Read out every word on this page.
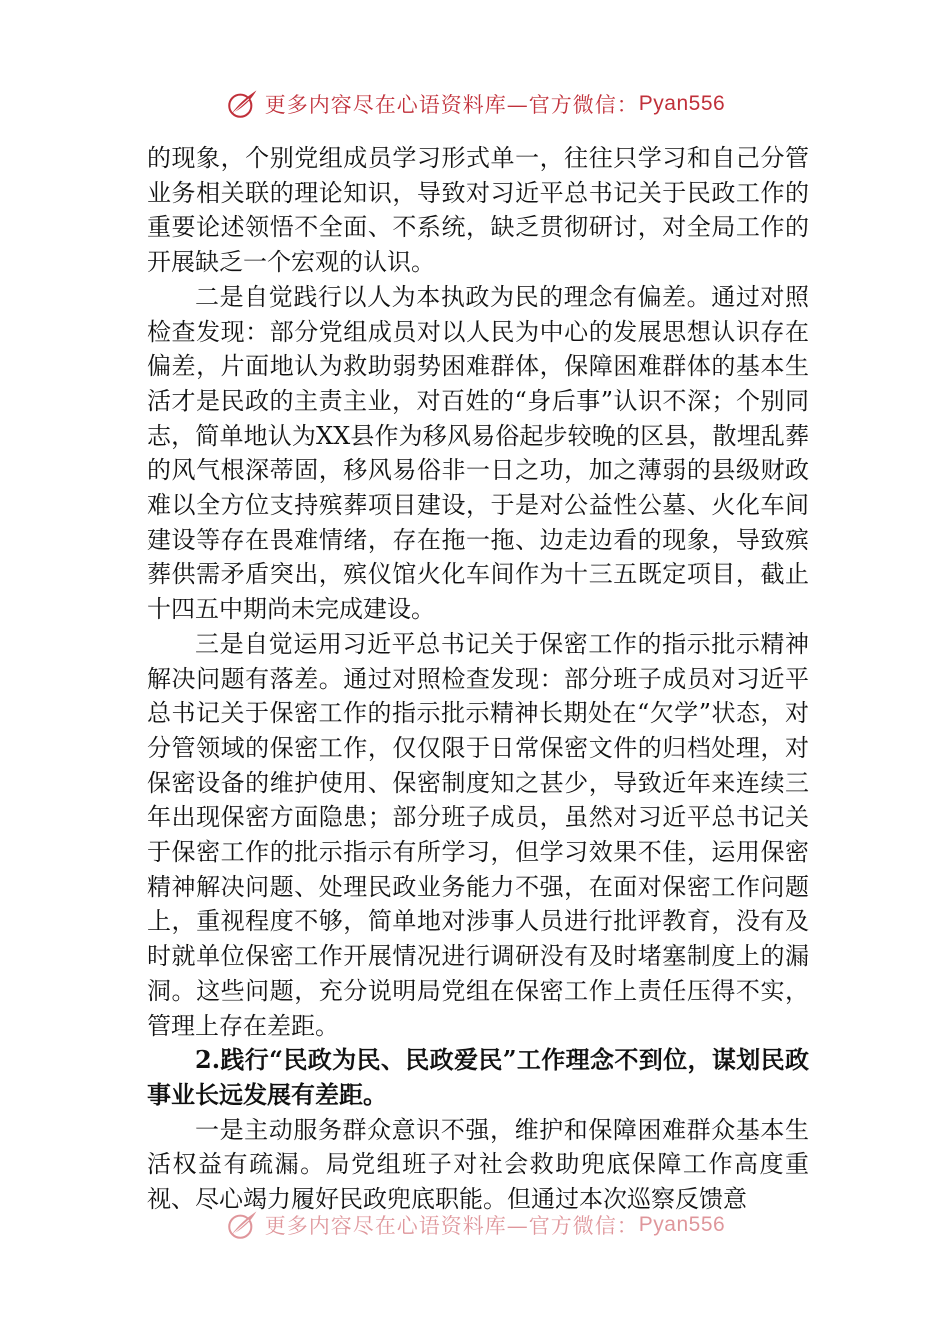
更多内容尽在心语资料库—官方微信： Pyan556

的现象，个别党组成员学习形式单一，往往只学习和自己分管业务相关联的理论知识，导致对习近平总书记关于民政工作的重要论述领悟不全面、不系统，缺乏贯彻研讨，对全局工作的开展缺乏一个宏观的认识。

二是自觉践行以人为本执政为民的理念有偏差。通过对照检查发现：部分党组成员对以人民为中心的发展思想认识存在偏差，片面地认为救助弱势困难群体，保障困难群体的基本生活才是民政的主责主业，对百姓的“身后事”认识不深；个别同志，简单地认为XX县作为移风易俗起步较晚的区县，散埋乱葬的风气根深蒂固，移风易俗非一日之功，加之薄弱的县级财政难以全方位支持殡葬项目建设，于是对公益性公墓、火化车间建设等存在畏难情绪，存在拖一拖、边走边看的现象，导致殡葬供需矛盾突出，殡仪馆火化车间作为十三五既定项目，截止十四五中期尚未完成建设。

三是自觉运用习近平总书记关于保密工作的指示批示精神解决问题有落差。通过对照检查发现：部分班子成员对习近平总书记关于保密工作的指示批示精神长期处在“欠学”状态，对分管领域的保密工作，仅仅限于日常保密文件的归档处理，对保密设备的维护使用、保密制度知之甚少，导致近年来连续三年出现保密方面隐患；部分班子成员，虽然对习近平总书记关于保密工作的批示指示有所学习，但学习效果不佳，运用保密精神解决问题、处理民政业务能力不强，在面对保密工作问题上，重视程度不够，简单地对涉事人员进行批评教育，没有及时就单位保密工作开展情况进行调研没有及时堵塞制度上的漏洞。这些问题，充分说明局党组在保密工作上责任压得不实，管理上存在差距。

2.践行“民政为民、民政爱民”工作理念不到位，谋划民政事业长远发展有差距。

一是主动服务群众意识不强，维护和保障困难群众基本生活权益有疏漏。局党组班子对社会救助兜底保障工作高度重视、尽心竭力履好民政兜底职能。但通过本次巡察反馈意

更多内容尽在心语资料库—官方微信： Pyan556
